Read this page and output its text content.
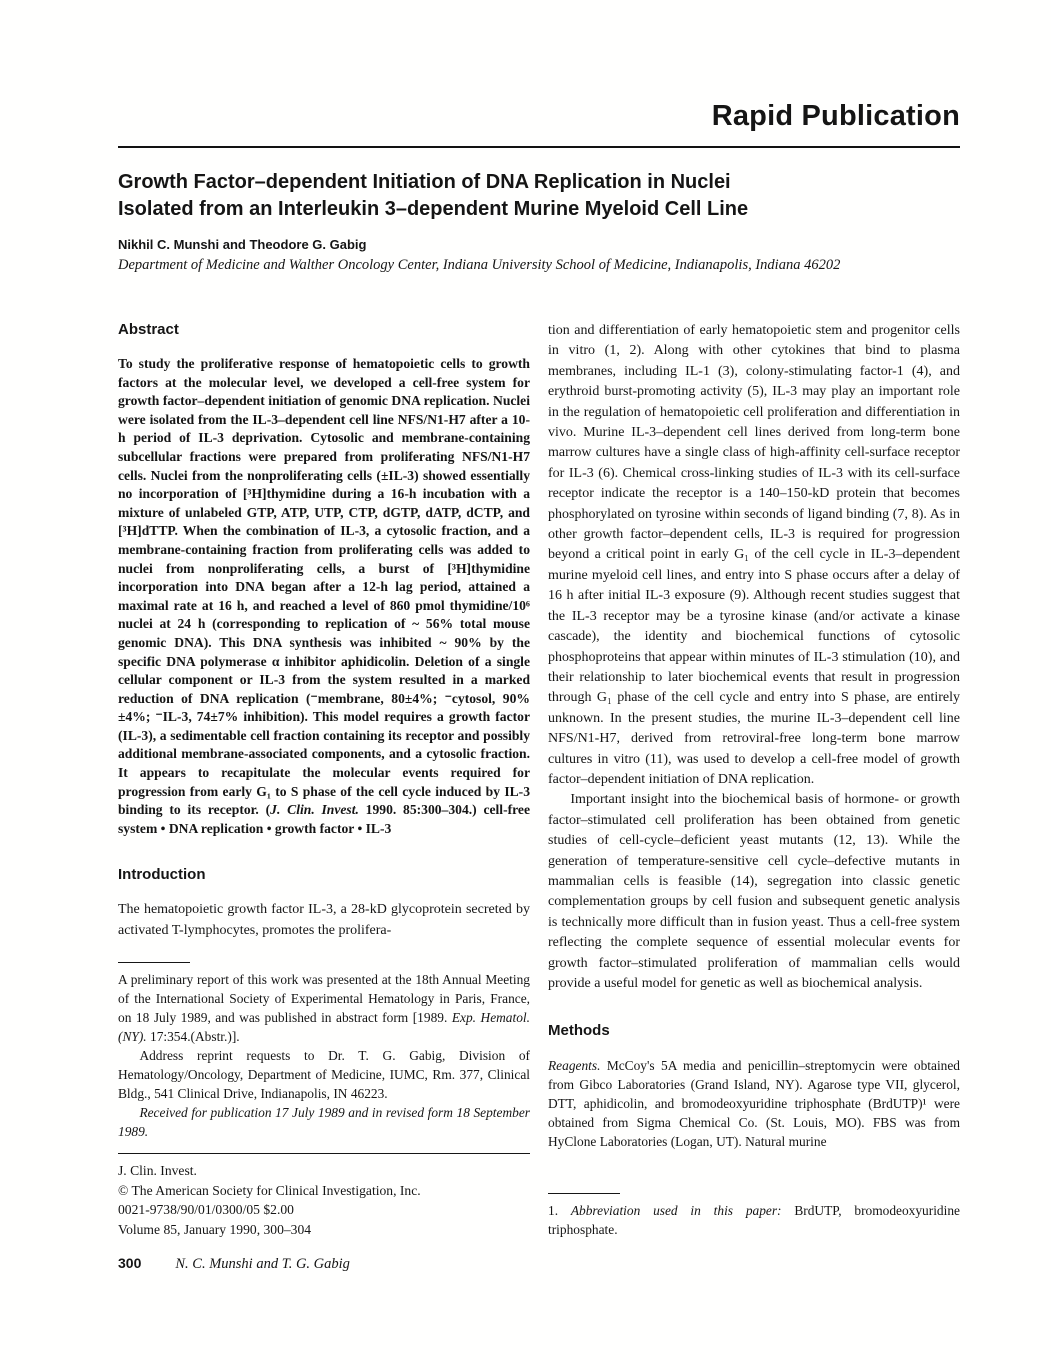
Rapid Publication
Growth Factor–dependent Initiation of DNA Replication in Nuclei
Isolated from an Interleukin 3–dependent Murine Myeloid Cell Line
Nikhil C. Munshi and Theodore G. Gabig
Department of Medicine and Walther Oncology Center, Indiana University School of Medicine, Indianapolis, Indiana 46202
Abstract

To study the proliferative response of hematopoietic cells to growth factors at the molecular level, we developed a cell-free system for growth factor–dependent initiation of genomic DNA replication. Nuclei were isolated from the IL-3–dependent cell line NFS/N1-H7 after a 10-h period of IL-3 deprivation. Cytosolic and membrane-containing subcellular fractions were prepared from proliferating NFS/N1-H7 cells. Nuclei from the nonproliferating cells (±IL-3) showed essentially no incorporation of [³H]thymidine during a 16-h incubation with a mixture of unlabeled GTP, ATP, UTP, CTP, dGTP, dATP, dCTP, and [³H]dTTP. When the combination of IL-3, a cytosolic fraction, and a membrane-containing fraction from proliferating cells was added to nuclei from nonproliferating cells, a burst of [³H]thymidine incorporation into DNA began after a 12-h lag period, attained a maximal rate at 16 h, and reached a level of 860 pmol thymidine/10⁶ nuclei at 24 h (corresponding to replication of ~ 56% total mouse genomic DNA). This DNA synthesis was inhibited ~ 90% by the specific DNA polymerase α inhibitor aphidicolin. Deletion of a single cellular component or IL-3 from the system resulted in a marked reduction of DNA replication (⁻membrane, 80±4%; ⁻cytosol, 90%±4%; ⁻IL-3, 74±7% inhibition). This model requires a growth factor (IL-3), a sedimentable cell fraction containing its receptor and possibly additional membrane-associated components, and a cytosolic fraction. It appears to recapitulate the molecular events required for progression from early G₁ to S phase of the cell cycle induced by IL-3 binding to its receptor. (J. Clin. Invest. 1990. 85:300–304.) cell-free system • DNA replication • growth factor • IL-3

Introduction

The hematopoietic growth factor IL-3, a 28-kD glycoprotein secreted by activated T-lymphocytes, promotes the prolifera-

A preliminary report of this work was presented at the 18th Annual Meeting of the International Society of Experimental Hematology in Paris, France, on 18 July 1989, and was published in abstract form [1989. Exp. Hematol. (NY). 17:354.(Abstr.)].

Address reprint requests to Dr. T. G. Gabig, Division of Hematology/Oncology, Department of Medicine, IUMC, Rm. 377, Clinical Bldg., 541 Clinical Drive, Indianapolis, IN 46223.

Received for publication 17 July 1989 and in revised form 18 September 1989.

J. Clin. Invest.
© The American Society for Clinical Investigation, Inc.
0021-9738/90/01/0300/05 $2.00
Volume 85, January 1990, 300–304

tion and differentiation of early hematopoietic stem and progenitor cells in vitro (1, 2). Along with other cytokines that bind to plasma membranes, including IL-1 (3), colony-stimulating factor-1 (4), and erythroid burst-promoting activity (5), IL-3 may play an important role in the regulation of hematopoietic cell proliferation and differentiation in vivo. Murine IL-3–dependent cell lines derived from long-term bone marrow cultures have a single class of high-affinity cell-surface receptor for IL-3 (6). Chemical cross-linking studies of IL-3 with its cell-surface receptor indicate the receptor is a 140–150-kD protein that becomes phosphorylated on tyrosine within seconds of ligand binding (7, 8). As in other growth factor–dependent cells, IL-3 is required for progression beyond a critical point in early G₁ of the cell cycle in IL-3–dependent murine myeloid cell lines, and entry into S phase occurs after a delay of 16 h after initial IL-3 exposure (9). Although recent studies suggest that the IL-3 receptor may be a tyrosine kinase (and/or activate a kinase cascade), the identity and biochemical functions of cytosolic phosphoproteins that appear within minutes of IL-3 stimulation (10), and their relationship to later biochemical events that result in progression through G₁ phase of the cell cycle and entry into S phase, are entirely unknown. In the present studies, the murine IL-3–dependent cell line NFS/N1-H7, derived from retroviral-free long-term bone marrow cultures in vitro (11), was used to develop a cell-free model of growth factor–dependent initiation of DNA replication.

Important insight into the biochemical basis of hormone- or growth factor–stimulated cell proliferation has been obtained from genetic studies of cell-cycle–deficient yeast mutants (12, 13). While the generation of temperature-sensitive cell cycle–defective mutants in mammalian cells is feasible (14), segregation into classic genetic complementation groups by cell fusion and subsequent genetic analysis is technically more difficult than in fusion yeast. Thus a cell-free system reflecting the complete sequence of essential molecular events for growth factor–stimulated proliferation of mammalian cells would provide a useful model for genetic as well as biochemical analysis.

Methods

Reagents. McCoy's 5A media and penicillin–streptomycin were obtained from Gibco Laboratories (Grand Island, NY). Agarose type VII, glycerol, DTT, aphidicolin, and bromodeoxyuridine triphosphate (BrdUTP)¹ were obtained from Sigma Chemical Co. (St. Louis, MO). FBS was from HyClone Laboratories (Logan, UT). Natural murine

1. Abbreviation used in this paper: BrdUTP, bromodeoxyuridine triphosphate.

300 N. C. Munshi and T. G. Gabig
